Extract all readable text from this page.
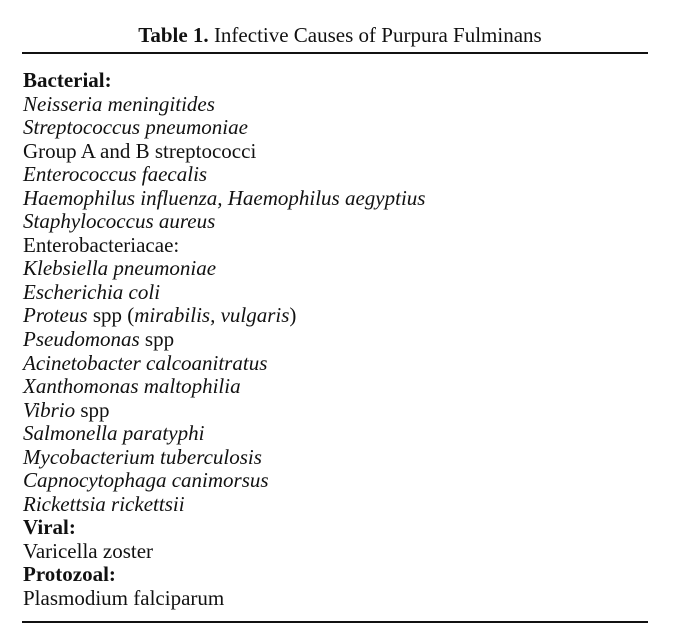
Table 1. Infective Causes of Purpura Fulminans
Bacterial:
Neisseria meningitides
Streptococcus pneumoniae
Group A and B streptococci
Enterococcus faecalis
Haemophilus influenza, Haemophilus aegyptius
Staphylococcus aureus
Enterobacteriacae:
Klebsiella pneumoniae
Escherichia coli
Proteus spp (mirabilis, vulgaris)
Pseudomonas spp
Acinetobacter calcoanitratus
Xanthomonas maltophilia
Vibrio spp
Salmonella paratyphi
Mycobacterium tuberculosis
Capnocytophaga canimorsus
Rickettsia rickettsii
Viral:
Varicella zoster
Protozoal:
Plasmodium falciparum
